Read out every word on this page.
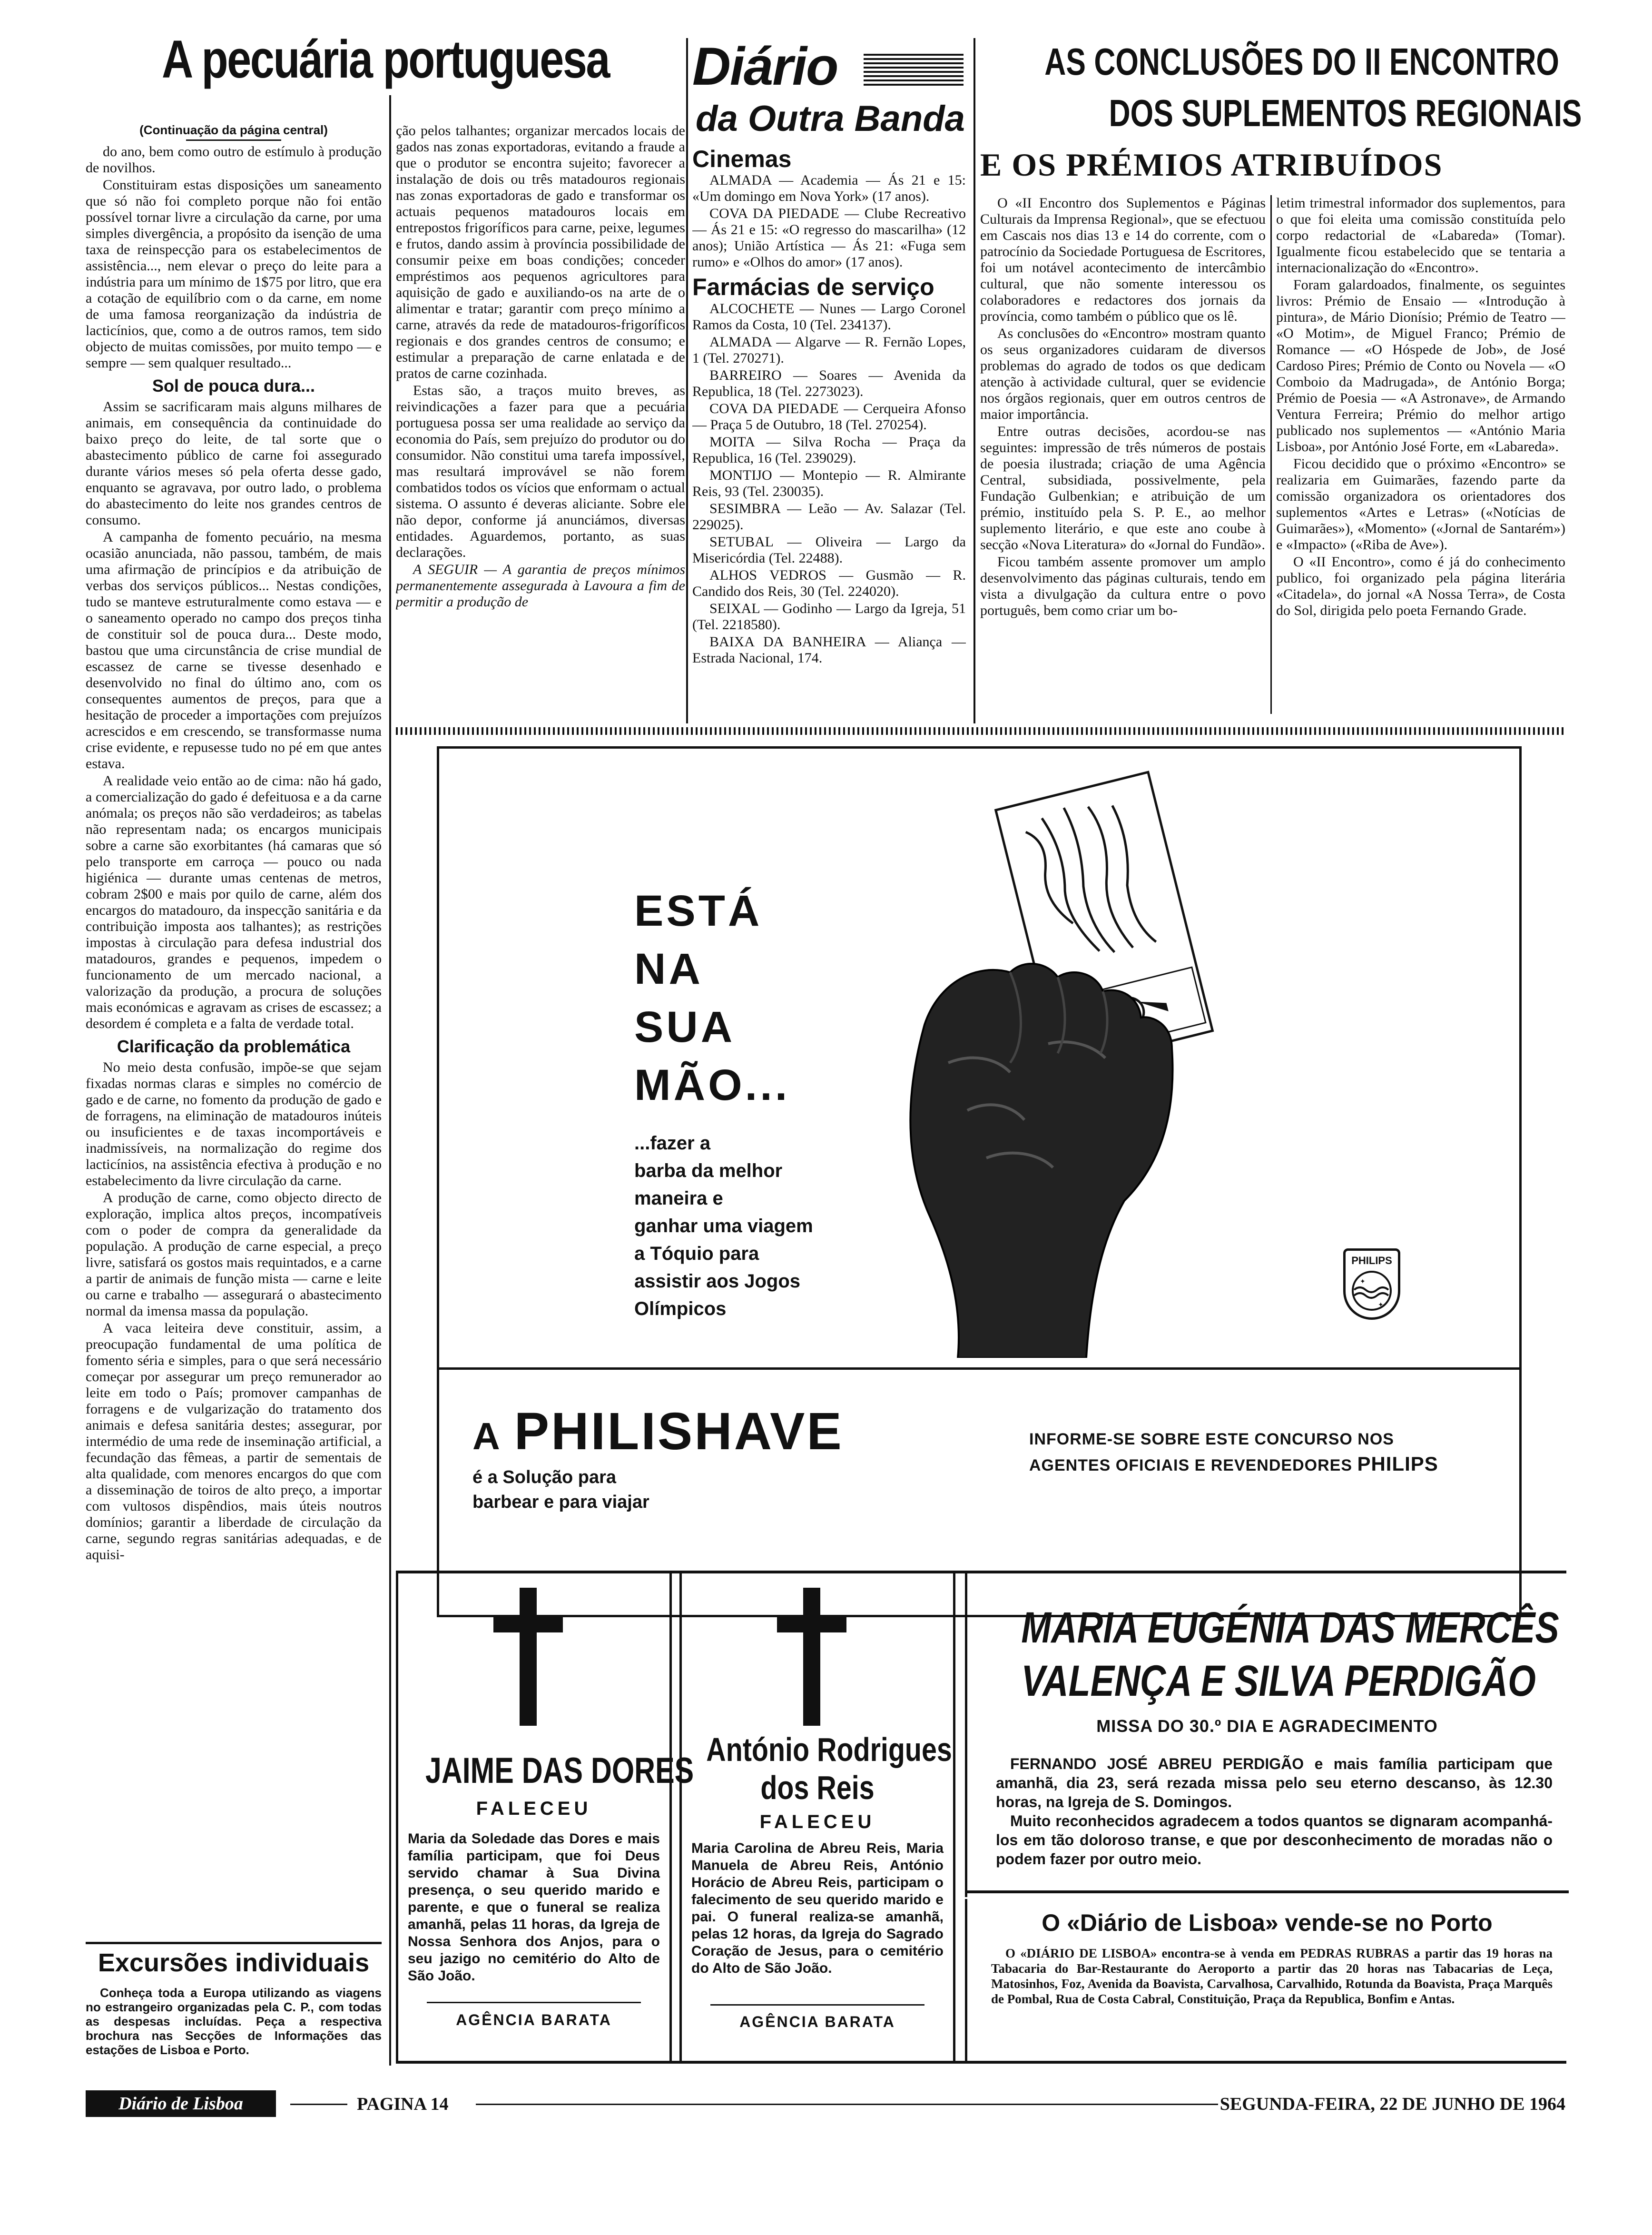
A pecuária portuguesa
(Continuação da página central)
do ano, bem como outro de estímulo à produção de novilhos.
Constituiram estas disposições um saneamento que só não foi completo porque não foi então possível tornar livre a circulação da carne, por uma simples divergência, a propósito da isenção de uma taxa de reinspecção para os estabelecimentos de assistência..., nem elevar o preço do leite para a indústria para um mínimo de 1$75 por litro, que era a cotação de equilíbrio com o da carne, em nome de uma famosa reorganização da indústria de lacticínios, que, como a de outros ramos, tem sido objecto de muitas comissões, por muito tempo — e sempre — sem qualquer resultado...
Sol de pouca dura...
Assim se sacrificaram mais alguns milhares de animais, em consequência da continuidade do baixo preço do leite, de tal sorte que o abastecimento público de carne foi assegurado durante vários meses só pela oferta desse gado, enquanto se agravava, por outro lado, o problema do abastecimento do leite nos grandes centros de consumo.
A campanha de fomento pecuário, na mesma ocasião anunciada, não passou, também, de mais uma afirmação de princípios e da atribuição de verbas dos serviços públicos... Nestas condições, tudo se manteve estruturalmente como estava — e o saneamento operado no campo dos preços tinha de constituir sol de pouca dura... Deste modo, bastou que uma circunstância de crise mundial de escassez de carne se tivesse desenhado e desenvolvido no final do último ano, com os consequentes aumentos de preços, para que a hesitação de proceder a importações com prejuízos acrescidos e em crescendo, se transformasse numa crise evidente, e repusesse tudo no pé em que antes estava.
A realidade veio então ao de cima: não há gado, a comercialização do gado é defeituosa e a da carne anómala; os preços não são verdadeiros; as tabelas não representam nada; os encargos municipais sobre a carne são exorbitantes (há camaras que só pelo transporte em carroça — pouco ou nada higiénica — durante umas centenas de metros, cobram 2$00 e mais por quilo de carne, além dos encargos do matadouro, da inspecção sanitária e da contribuição imposta aos talhantes); as restrições impostas à circulação para defesa industrial dos matadouros, grandes e pequenos, impedem o funcionamento de um mercado nacional, a valorização da produção, a procura de soluções mais económicas e agravam as crises de escassez; a desordem é completa e a falta de verdade total.
Clarificação da problemática
No meio desta confusão, impõe-se que sejam fixadas normas claras e simples no comércio de gado e de carne, no fomento da produção de gado e de forragens, na eliminação de matadouros inúteis ou insuficientes e de taxas incomportáveis e inadmissíveis, na normalização do regime dos lacticínios, na assistência efectiva à produção e no estabelecimento da livre circulação da carne.
A produção de carne, como objecto directo de exploração, implica altos preços, incompatíveis com o poder de compra da generalidade da população. A produção de carne especial, a preço livre, satisfará os gostos mais requintados, e a carne a partir de animais de função mista — carne e leite ou carne e trabalho — assegurará o abastecimento normal da imensa massa da população.
A vaca leiteira deve constituir, assim, a preocupação fundamental de uma política de fomento séria e simples, para o que será necessário começar por assegurar um preço remunerador ao leite em todo o País; promover campanhas de forragens e de vulgarização do tratamento dos animais e defesa sanitária destes; assegurar, por intermédio de uma rede de inseminação artificial, a fecundação das fêmeas, a partir de sementais de alta qualidade, com menores encargos do que com a disseminação de toiros de alto preço, a importar com vultosos dispêndios, mais úteis noutros domínios; garantir a liberdade de circulação da carne, segundo regras sanitárias adequadas, e de aquisi-
ção pelos talhantes; organizar mercados locais de gados nas zonas exportadoras, evitando a fraude a que o produtor se encontra sujeito; favorecer a instalação de dois ou três matadouros regionais nas zonas exportadoras de gado e transformar os actuais pequenos matadouros locais em entrepostos frigoríficos para carne, peixe, legumes e frutos, dando assim à província possibilidade de consumir peixe em boas condições; conceder empréstimos aos pequenos agricultores para aquisição de gado e auxiliando-os na arte de o alimentar e tratar; garantir com preço mínimo a carne, através da rede de matadouros-frigoríficos regionais e dos grandes centros de consumo; e estimular a preparação de carne enlatada e de pratos de carne cozinhada.
Estas são, a traços muito breves, as reivindicações a fazer para que a pecuária portuguesa possa ser uma realidade ao serviço da economia do País, sem prejuízo do produtor ou do consumidor. Não constitui uma tarefa impossível, mas resultará improvável se não forem combatidos todos os vícios que enformam o actual sistema. O assunto é deveras aliciante. Sobre ele não depor, conforme já anunciámos, diversas entidades. Aguardemos, portanto, as suas declarações.
A SEGUIR — A garantia de preços mínimos permanentemente assegurada à Lavoura a fim de permitir a produção de
Excursões individuais
Conheça toda a Europa utilizando as viagens no estrangeiro organizadas pela C. P., com todas as despesas incluídas. Peça a respectiva brochura nas Secções de Informações das estações de Lisboa e Porto.
Diário
da Outra Banda
Cinemas
ALMADA — Academia — Ás 21 e 15: «Um domingo em Nova York» (17 anos).
COVA DA PIEDADE — Clube Recreativo — Ás 21 e 15: «O regresso do mascarilha» (12 anos); União Artística — Ás 21: «Fuga sem rumo» e «Olhos do amor» (17 anos).
Farmácias de serviço
ALCOCHETE — Nunes — Largo Coronel Ramos da Costa, 10 (Tel. 234137).
ALMADA — Algarve — R. Fernão Lopes, 1 (Tel. 270271).
BARREIRO — Soares — Avenida da Republica, 18 (Tel. 2273023).
COVA DA PIEDADE — Cerqueira Afonso — Praça 5 de Outubro, 18 (Tel. 270254).
MOITA — Silva Rocha — Praça da Republica, 16 (Tel. 239029).
MONTIJO — Montepio — R. Almirante Reis, 93 (Tel. 230035).
SESIMBRA — Leão — Av. Salazar (Tel. 229025).
SETUBAL — Oliveira — Largo da Misericórdia (Tel. 22488).
ALHOS VEDROS — Gusmão — R. Candido dos Reis, 30 (Tel. 224020).
SEIXAL — Godinho — Largo da Igreja, 51 (Tel. 2218580).
BAIXA DA BANHEIRA — Aliança — Estrada Nacional, 174.
AS CONCLUSÕES DO II ENCONTRO
DOS SUPLEMENTOS REGIONAIS
E OS PRÉMIOS ATRIBUÍDOS
O «II Encontro dos Suplementos e Páginas Culturais da Imprensa Regional», que se efectuou em Cascais nos dias 13 e 14 do corrente, com o patrocínio da Sociedade Portuguesa de Escritores, foi um notável acontecimento de intercâmbio cultural, que não somente interessou os colaboradores e redactores dos jornais da província, como também o público que os lê.
As conclusões do «Encontro» mostram quanto os seus organizadores cuidaram de diversos problemas do agrado de todos os que dedicam atenção à actividade cultural, quer se evidencie nos órgãos regionais, quer em outros centros de maior importância.
Entre outras decisões, acordou-se nas seguintes: impressão de três números de postais de poesia ilustrada; criação de uma Agência Central, subsidiada, possivelmente, pela Fundação Gulbenkian; e atribuição de um prémio, instituído pela S. P. E., ao melhor suplemento literário, e que este ano coube à secção «Nova Literatura» do «Jornal do Fundão».
Ficou também assente promover um amplo desenvolvimento das páginas culturais, tendo em vista a divulgação da cultura entre o povo português, bem como criar um bo-
letim trimestral informador dos suplementos, para o que foi eleita uma comissão constituída pelo corpo redactorial de «Labareda» (Tomar). Igualmente ficou estabelecido que se tentaria a internacionalização do «Encontro».
Foram galardoados, finalmente, os seguintes livros: Prémio de Ensaio — «Introdução à pintura», de Mário Dionísio; Prémio de Teatro — «O Motim», de Miguel Franco; Prémio de Romance — «O Hóspede de Job», de José Cardoso Pires; Prémio de Conto ou Novela — «O Comboio da Madrugada», de António Borga; Prémio de Poesia — «A Astronave», de Armando Ventura Ferreira; Prémio do melhor artigo publicado nos suplementos — «António Maria Lisboa», por António José Forte, em «Labareda».
Ficou decidido que o próximo «Encontro» se realizaria em Guimarães, fazendo parte da comissão organizadora os orientadores dos suplementos «Artes e Letras» («Notícias de Guimarães»), «Momento» («Jornal de Santarém») e «Impacto» («Riba de Ave»).
O «II Encontro», como é já do conhecimento publico, foi organizado pela página literária «Citadela», do jornal «A Nossa Terra», de Costa do Sol, dirigida pelo poeta Fernando Grade.
ESTÁ
NA
SUA
MÃO...
...fazer a
barba da melhor
maneira e
ganhar uma viagem
a Tóquio para
assistir aos Jogos
Olímpicos
PHILIPS
✦
✦
A PHILISHAVE
é a Solução para
barbear e para viajar
INFORME-SE SOBRE ESTE CONCURSO NOS
AGENTES OFICIAIS E REVENDEDORES PHILIPS
JAIME DAS DORES
FALECEU
Maria da Soledade das Dores e mais família participam, que foi Deus servido chamar à Sua Divina presença, o seu querido marido e parente, e que o funeral se realiza amanhã, pelas 11 horas, da Igreja de Nossa Senhora dos Anjos, para o seu jazigo no cemitério do Alto de São João.
AGÊNCIA BARATA
António Rodrigues
dos Reis
FALECEU
Maria Carolina de Abreu Reis, Maria Manuela de Abreu Reis, António Horácio de Abreu Reis, participam o falecimento de seu querido marido e pai. O funeral realiza-se amanhã, pelas 12 horas, da Igreja do Sagrado Coração de Jesus, para o cemitério do Alto de São João.
AGÊNCIA BARATA
MARIA EUGÉNIA DAS MERCÊS
VALENÇA E SILVA PERDIGÃO
MISSA DO 30.º DIA E AGRADECIMENTO
FERNANDO JOSÉ ABREU PERDIGÃO e mais família participam que amanhã, dia 23, será rezada missa pelo seu eterno descanso, às 12.30 horas, na Igreja de S. Domingos.
Muito reconhecidos agradecem a todos quantos se dignaram acompanhá-los em tão doloroso transe, e que por desconhecimento de moradas não o podem fazer por outro meio.
O «Diário de Lisboa» vende-se no Porto
O «DIÁRIO DE LISBOA» encontra-se à venda em PEDRAS RUBRAS a partir das 19 horas na Tabacaria do Bar-Restaurante do Aeroporto a partir das 20 horas nas Tabacarias de Leça, Matosinhos, Foz, Avenida da Boavista, Carvalhosa, Carvalhido, Rotunda da Boavista, Praça Marquês de Pombal, Rua de Costa Cabral, Constituição, Praça da Republica, Bonfim e Antas.
Diário de Lisboa	PAGINA 14	SEGUNDA-FEIRA, 22 DE JUNHO DE 1964
